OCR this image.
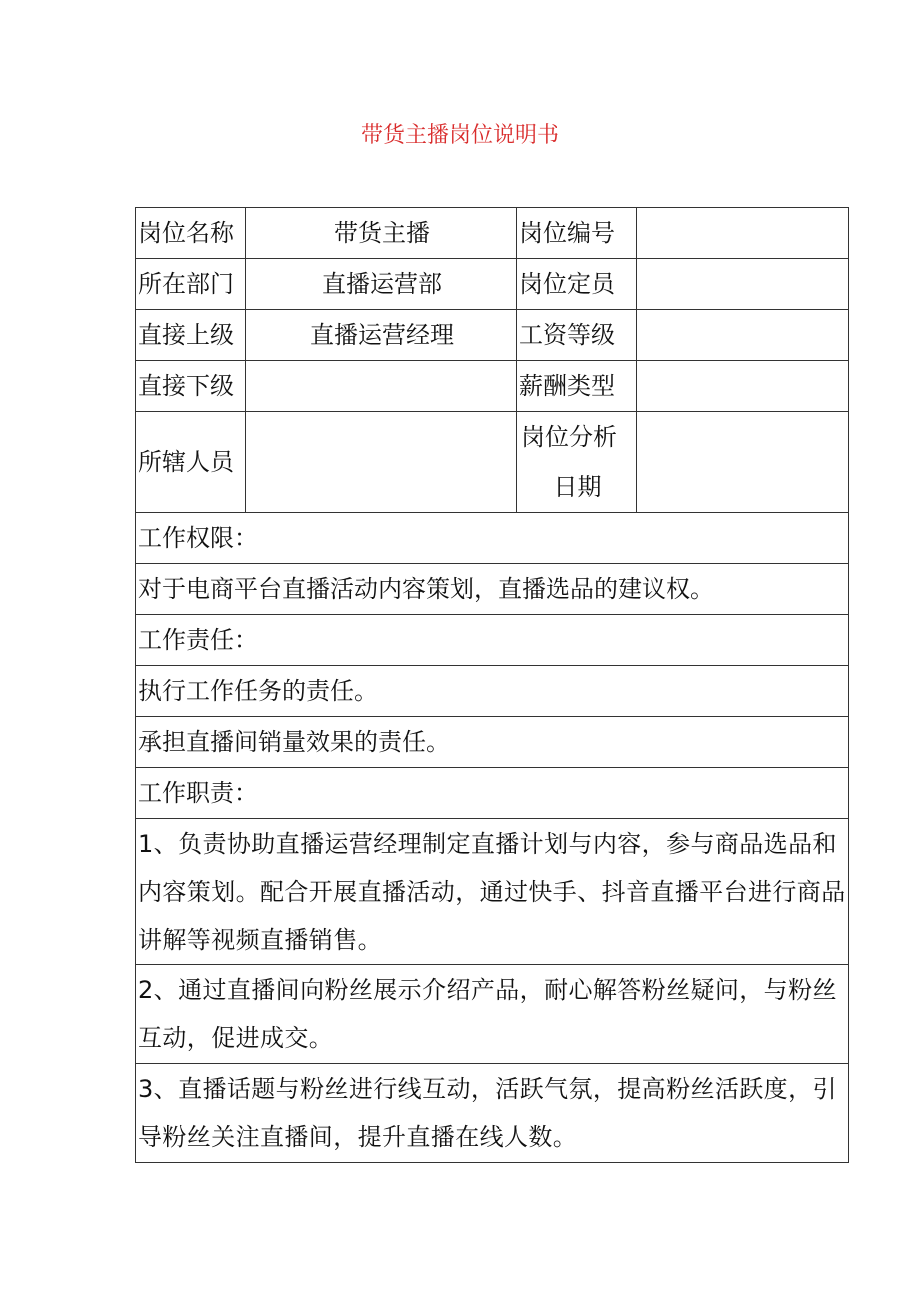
带货主播岗位说明书
岗位名称	带货主播	岗位编号	
所在部门	直播运营部	岗位定员	
直接上级	直播运营经理	工资等级	
直接下级		薪酬类型	
所辖人员		岗位分析
日期	

工作权限：			
对于电商平台直播活动内容策划，直播选品的建议权。			
工作责任：			
执行工作任务的责任。			
承担直播间销量效果的责任。			
工作职责：			
1、负责协助直播运营经理制定直播计划与内容，参与商品选品和内容策划。配合开展直播活动，通过快手、抖音直播平台进行商品讲解等视频直播销售。			
2、通过直播间向粉丝展示介绍产品，耐心解答粉丝疑问，与粉丝互动，促进成交。			
3、直播话题与粉丝进行线互动，活跃气氛，提高粉丝活跃度，引导粉丝关注直播间，提升直播在线人数。			
